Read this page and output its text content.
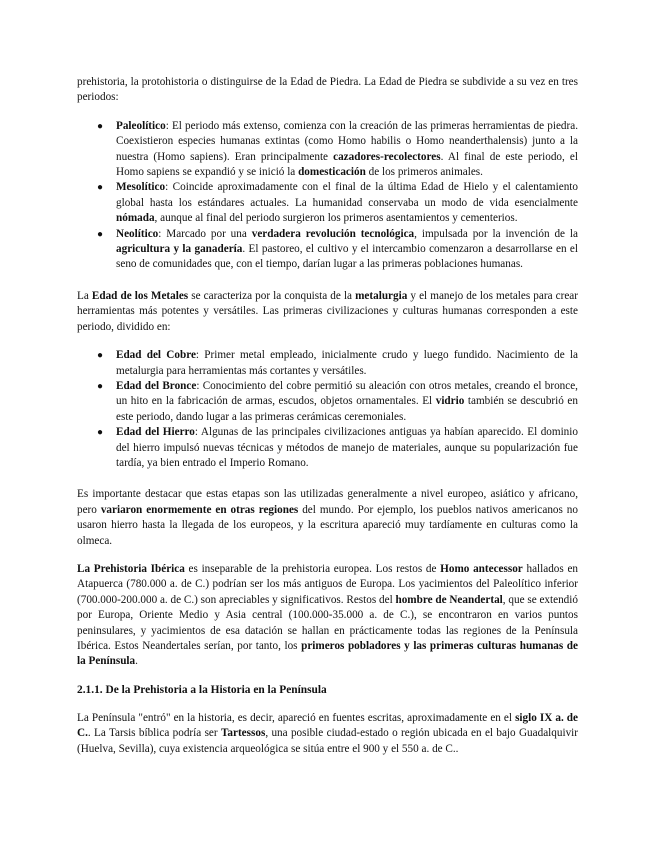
prehistoria, la protohistoria o distinguirse de la Edad de Piedra. La Edad de Piedra se subdivide a su vez en tres periodos:

● Paleolítico: El periodo más extenso, comienza con la creación de las primeras herramientas de piedra. Coexistieron especies humanas extintas (como Homo habilis o Homo neanderthalensis) junto a la nuestra (Homo sapiens). Eran principalmente cazadores-recolectores. Al final de este periodo, el Homo sapiens se expandió y se inició la domesticación de los primeros animales.
● Mesolítico: Coincide aproximadamente con el final de la última Edad de Hielo y el calentamiento global hasta los estándares actuales. La humanidad conservaba un modo de vida esencialmente nómada, aunque al final del periodo surgieron los primeros asentamientos y cementerios.
● Neolítico: Marcado por una verdadera revolución tecnológica, impulsada por la invención de la agricultura y la ganadería. El pastoreo, el cultivo y el intercambio comenzaron a desarrollarse en el seno de comunidades que, con el tiempo, darían lugar a las primeras poblaciones humanas.

La Edad de los Metales se caracteriza por la conquista de la metalurgia y el manejo de los metales para crear herramientas más potentes y versátiles. Las primeras civilizaciones y culturas humanas corresponden a este periodo, dividido en:

● Edad del Cobre: Primer metal empleado, inicialmente crudo y luego fundido. Nacimiento de la metalurgia para herramientas más cortantes y versátiles.
● Edad del Bronce: Conocimiento del cobre permitió su aleación con otros metales, creando el bronce, un hito en la fabricación de armas, escudos, objetos ornamentales. El vidrio también se descubrió en este periodo, dando lugar a las primeras cerámicas ceremoniales.
● Edad del Hierro: Algunas de las principales civilizaciones antiguas ya habían aparecido. El dominio del hierro impulsó nuevas técnicas y métodos de manejo de materiales, aunque su popularización fue tardía, ya bien entrado el Imperio Romano.

Es importante destacar que estas etapas son las utilizadas generalmente a nivel europeo, asiático y africano, pero variaron enormemente en otras regiones del mundo. Por ejemplo, los pueblos nativos americanos no usaron hierro hasta la llegada de los europeos, y la escritura apareció muy tardíamente en culturas como la olmeca.

La Prehistoria Ibérica es inseparable de la prehistoria europea. Los restos de Homo antecessor hallados en Atapuerca (780.000 a. de C.) podrían ser los más antiguos de Europa. Los yacimientos del Paleolítico inferior (700.000-200.000 a. de C.) son apreciables y significativos. Restos del hombre de Neandertal, que se extendió por Europa, Oriente Medio y Asia central (100.000-35.000 a. de C.), se encontraron en varios puntos peninsulares, y yacimientos de esa datación se hallan en prácticamente todas las regiones de la Península Ibérica. Estos Neandertales serían, por tanto, los primeros pobladores y las primeras culturas humanas de la Península.

2.1.1. De la Prehistoria a la Historia en la Península

La Península "entró" en la historia, es decir, apareció en fuentes escritas, aproximadamente en el siglo IX a. de C.. La Tarsis bíblica podría ser Tartessos, una posible ciudad-estado o región ubicada en el bajo Guadalquivir (Huelva, Sevilla), cuya existencia arqueológica se sitúa entre el 900 y el 550 a. de C..
